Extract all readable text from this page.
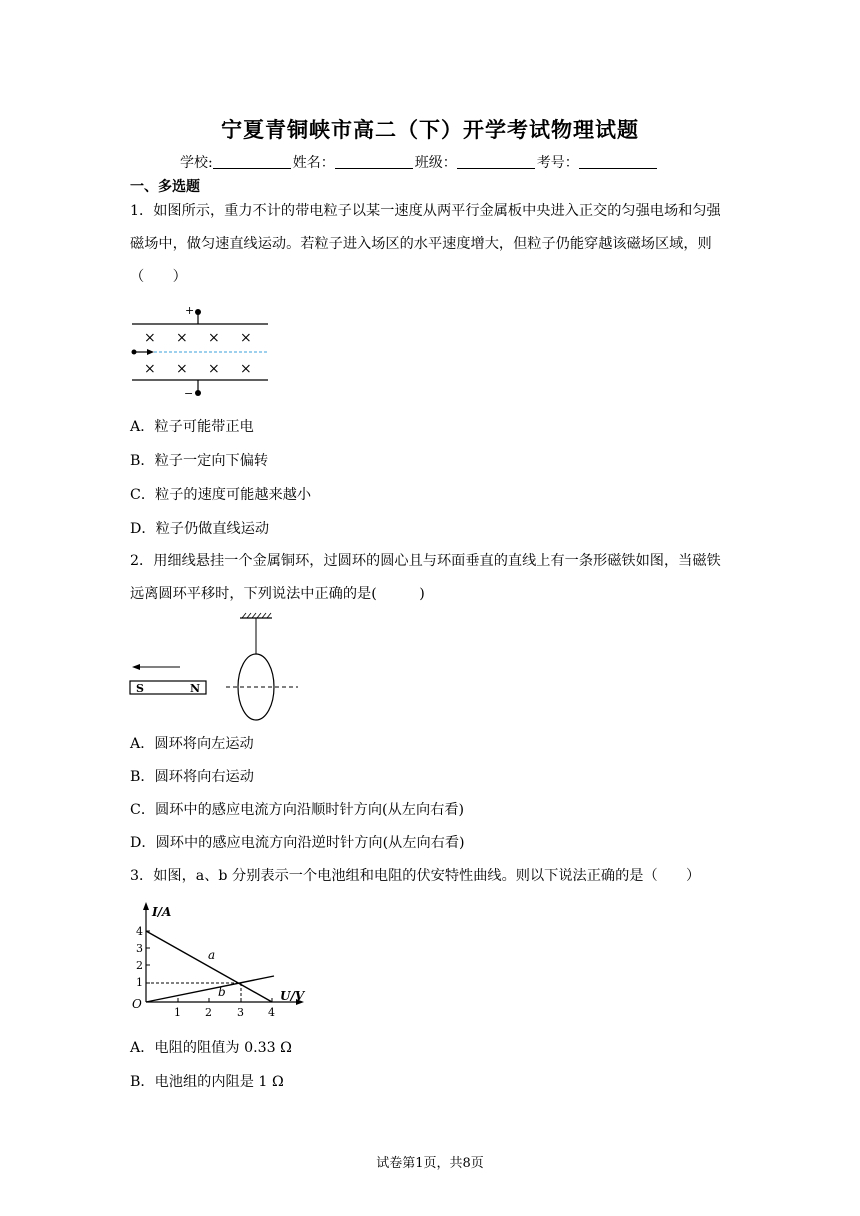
宁夏青铜峡市高二（下）开学考试物理试题
学校:	姓名：	班级：	考号：
一、多选题
1．如图所示，重力不计的带电粒子以某一速度从两平行金属板中央进入正交的匀强电场和匀强磁场中，做匀速直线运动。若粒子进入场区的水平速度增大，但粒子仍能穿越该磁场区域，则（　　）
+
× × × ×
× × × ×
−
A．粒子可能带正电
B．粒子一定向下偏转
C．粒子的速度可能越来越小
D．粒子仍做直线运动
2．用细线悬挂一个金属铜环，过圆环的圆心且与环面垂直的直线上有一条形磁铁如图，当磁铁远离圆环平移时，下列说法中正确的是(　　　)
S	N
A．圆环将向左运动
B．圆环将向右运动
C．圆环中的感应电流方向沿顺时针方向(从左向右看)
D．圆环中的感应电流方向沿逆时针方向(从左向右看)
3．如图，a、b 分别表示一个电池组和电阻的伏安特性曲线。则以下说法正确的是（　　）
I/A
U/V
O
4
3
2
1
1 2 3 4
a
b
A．电阻的阻值为 0.33 Ω
B．电池组的内阻是 1 Ω
试卷第1页，共8页
